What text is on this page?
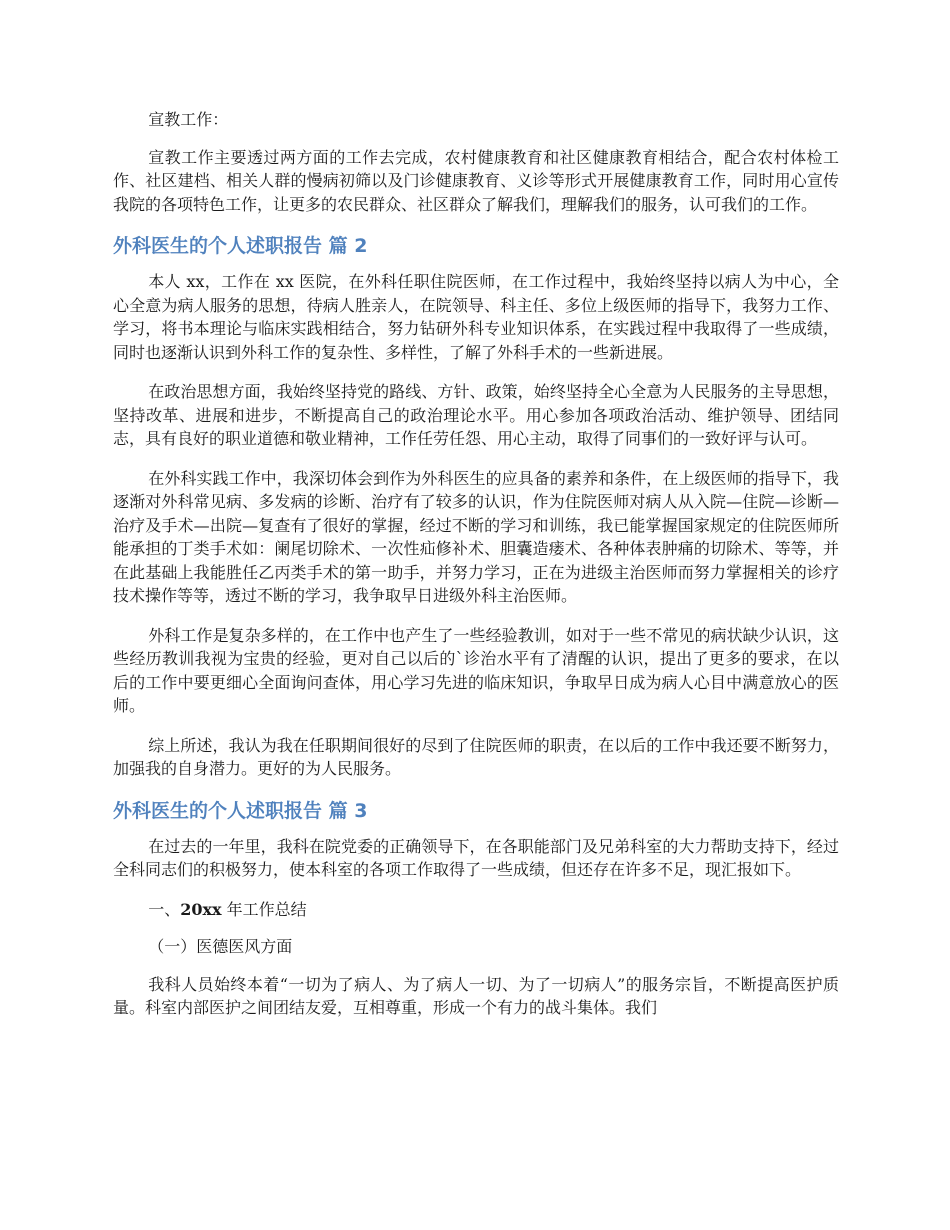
宣教工作：

宣教工作主要透过两方面的工作去完成，农村健康教育和社区健康教育相结合，配合农村体检工作、社区建档、相关人群的慢病初筛以及门诊健康教育、义诊等形式开展健康教育工作，同时用心宣传我院的各项特色工作，让更多的农民群众、社区群众了解我们，理解我们的服务，认可我们的工作。

外科医生的个人述职报告 篇 2

本人 xx，工作在 xx 医院，在外科任职住院医师，在工作过程中，我始终坚持以病人为中心，全心全意为病人服务的思想，待病人胜亲人，在院领导、科主任、多位上级医师的指导下，我努力工作、学习，将书本理论与临床实践相结合，努力钻研外科专业知识体系，在实践过程中我取得了一些成绩，同时也逐渐认识到外科工作的复杂性、多样性，了解了外科手术的一些新进展。

在政治思想方面，我始终坚持党的路线、方针、政策，始终坚持全心全意为人民服务的主导思想，坚持改革、进展和进步，不断提高自己的政治理论水平。用心参加各项政治活动、维护领导、团结同志，具有良好的职业道德和敬业精神，工作任劳任怨、用心主动，取得了同事们的一致好评与认可。

在外科实践工作中，我深切体会到作为外科医生的应具备的素养和条件，在上级医师的指导下，我逐渐对外科常见病、多发病的诊断、治疗有了较多的认识，作为住院医师对病人从入院—住院—诊断—治疗及手术—出院—复查有了很好的掌握，经过不断的学习和训练，我已能掌握国家规定的住院医师所能承担的丁类手术如：阑尾切除术、一次性疝修补术、胆囊造瘘术、各种体表肿痛的切除术、等等，并在此基础上我能胜任乙丙类手术的第一助手，并努力学习，正在为进级主治医师而努力掌握相关的诊疗技术操作等等，透过不断的学习，我争取早日进级外科主治医师。

外科工作是复杂多样的，在工作中也产生了一些经验教训，如对于一些不常见的病状缺少认识，这些经历教训我视为宝贵的经验，更对自己以后的`诊治水平有了清醒的认识，提出了更多的要求，在以后的工作中要更细心全面询问查体，用心学习先进的临床知识，争取早日成为病人心目中满意放心的医师。

综上所述，我认为我在任职期间很好的尽到了住院医师的职责，在以后的工作中我还要不断努力，加强我的自身潜力。更好的为人民服务。

外科医生的个人述职报告 篇 3

在过去的一年里，我科在院党委的正确领导下，在各职能部门及兄弟科室的大力帮助支持下，经过全科同志们的积极努力，使本科室的各项工作取得了一些成绩，但还存在许多不足，现汇报如下。

一、20xx 年工作总结

（一）医德医风方面

我科人员始终本着“一切为了病人、为了病人一切、为了一切病人”的服务宗旨，不断提高医护质量。科室内部医护之间团结友爱，互相尊重，形成一个有力的战斗集体。我们
